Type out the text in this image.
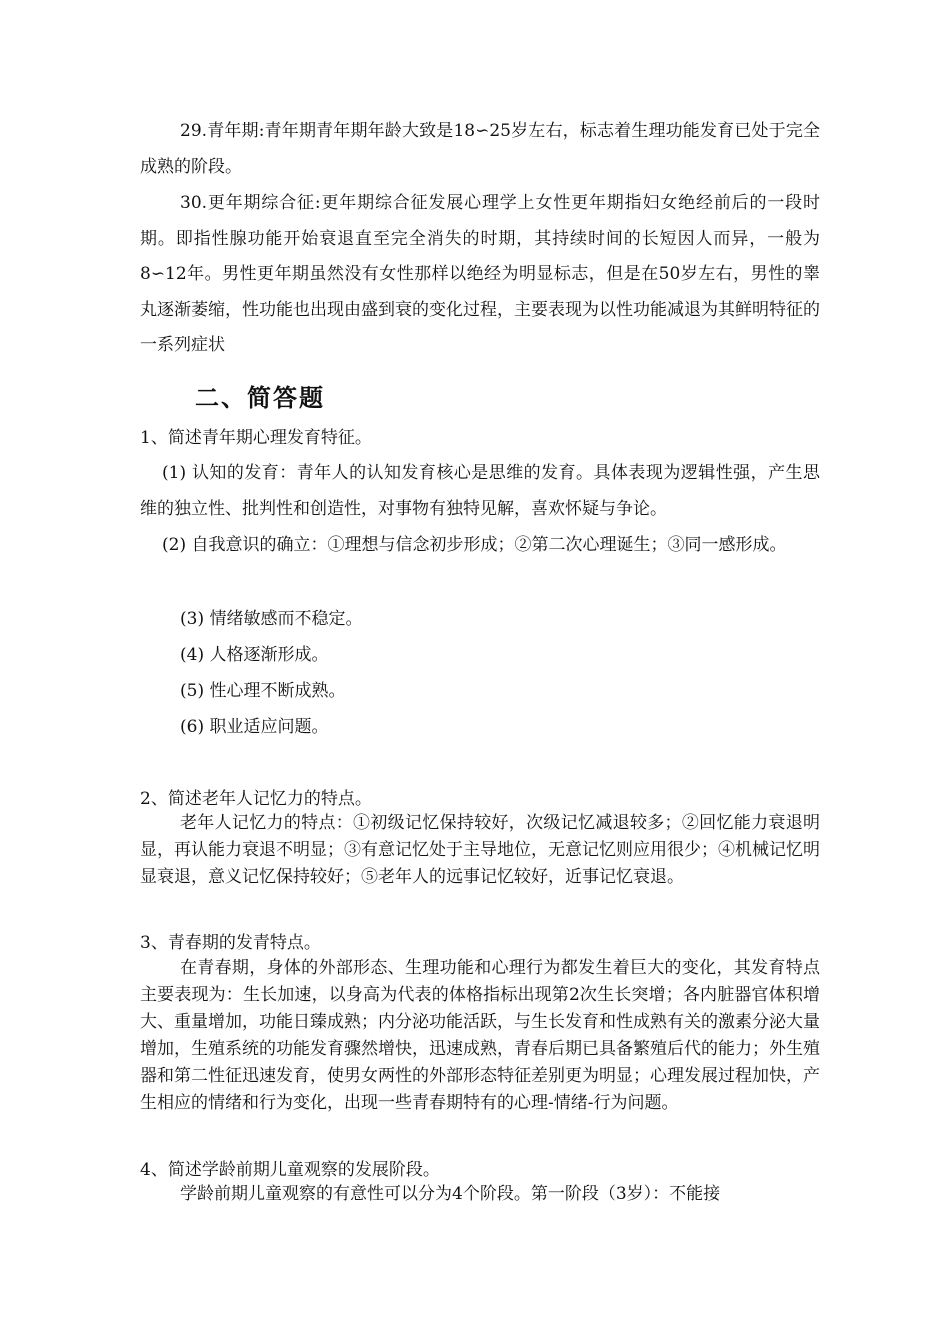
29.青年期:青年期青年期年龄大致是18∽25岁左右，标志着生理功能发育已处于完全成熟的阶段。

30.更年期综合征:更年期综合征发展心理学上女性更年期指妇女绝经前后的一段时期。即指性腺功能开始衰退直至完全消失的时期，其持续时间的长短因人而异，一般为8∽12年。男性更年期虽然没有女性那样以绝经为明显标志，但是在50岁左右，男性的睾丸逐渐萎缩，性功能也出现由盛到衰的变化过程，主要表现为以性功能减退为其鲜明特征的一系列症状

二、简答题

1、简述青年期心理发育特征。

(1) 认知的发育：青年人的认知发育核心是思维的发育。具体表现为逻辑性强，产生思维的独立性、批判性和创造性，对事物有独特见解，喜欢怀疑与争论。

(2) 自我意识的确立：①理想与信念初步形成；②第二次心理诞生；③同一感形成。

(3) 情绪敏感而不稳定。

(4) 人格逐渐形成。

(5) 性心理不断成熟。

(6) 职业适应问题。

2、简述老年人记忆力的特点。

老年人记忆力的特点：①初级记忆保持较好，次级记忆减退较多；②回忆能力衰退明显，再认能力衰退不明显；③有意记忆处于主导地位，无意记忆则应用很少；④机械记忆明显衰退，意义记忆保持较好；⑤老年人的远事记忆较好，近事记忆衰退。

3、青春期的发青特点。

在青春期，身体的外部形态、生理功能和心理行为都发生着巨大的变化，其发育特点主要表现为：生长加速，以身高为代表的体格指标出现第2次生长突增；各内脏器官体积增大、重量增加，功能日臻成熟；内分泌功能活跃，与生长发育和性成熟有关的激素分泌大量增加，生殖系统的功能发育骤然增快，迅速成熟，青春后期已具备繁殖后代的能力；外生殖器和第二性征迅速发育，使男女两性的外部形态特征差别更为明显；心理发展过程加快，产生相应的情绪和行为变化，出现一些青春期特有的心理-情绪-行为问题。

4、简述学龄前期儿童观察的发展阶段。

学龄前期儿童观察的有意性可以分为4个阶段。第一阶段（3岁）：不能接
